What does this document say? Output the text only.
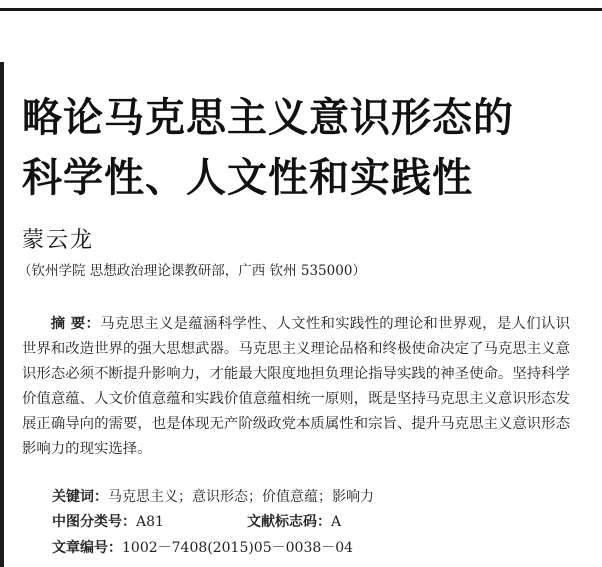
略论马克思主义意识形态的
科学性、人文性和实践性
蒙云龙
（钦州学院 思想政治理论课教研部，广西 钦州 535000）

摘 要：马克思主义是蕴涵科学性、人文性和实践性的理论和世界观，是人们认识世界和改造世界的强大思想武器。马克思主义理论品格和终极使命决定了马克思主义意识形态必须不断提升影响力，才能最大限度地担负理论指导实践的神圣使命。坚持科学价值意蕴、人文价值意蕴和实践价值意蕴相统一原则，既是坚持马克思主义意识形态发展正确导向的需要，也是体现无产阶级政党本质属性和宗旨、提升马克思主义意识形态影响力的现实选择。

关键词：马克思主义；意识形态；价值意蕴；影响力
中图分类号：A81	文献标志码：A
文章编号：1002－7408(2015)05－0038－04
